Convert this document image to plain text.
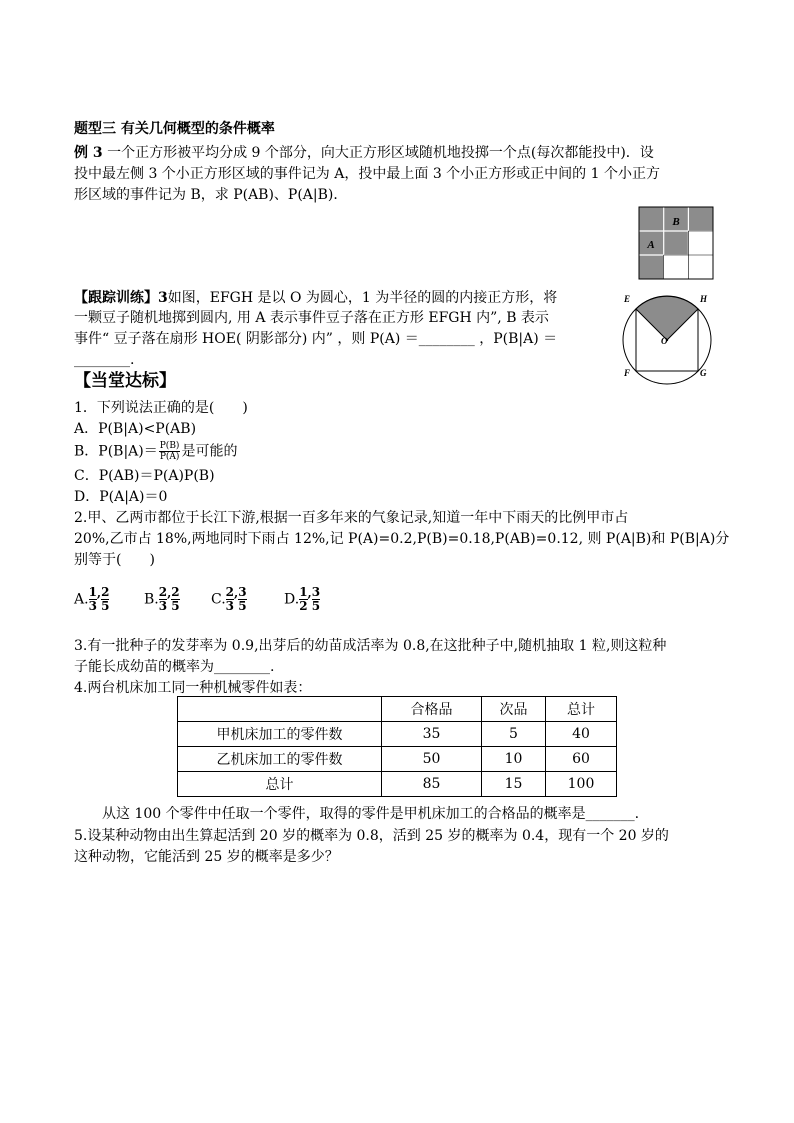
题型三 有关几何概型的条件概率
例 3 一个正方形被平均分成 9 个部分，向大正方形区域随机地投掷一个点(每次都能投中)．设
投中最左侧 3 个小正方形区域的事件记为 A，投中最上面 3 个小正方形或正中间的 1 个小正方
形区域的事件记为 B，求 P(AB)、P(A|B)．
B
A
【跟踪训练】3如图，EFGH 是以 O 为圆心，1 为半径的圆的内接正方形，将
一颗豆子随机地掷到圆内, 用 A 表示事件豆子落在正方形 EFGH 内”, B 表示
事件“ 豆子落在扇形 HOE( 阴影部分) 内” ，则 P(A) ＝________ ，P(B|A) ＝
________.
E	H
O
F	G
【当堂达标】
1．下列说法正确的是(　　)
A．P(B|A)<P(AB)
B．$P(B|A)= \frac{P(B)}{P(A)}$ 是可能的
C．P(AB)＝P(A)P(B)
D．P(A|A)＝0
2.甲、乙两市都位于长江下游,根据一百多年来的气象记录,知道一年中下雨天的比例甲市占
20%,乙市占 18%,两地同时下雨占 12%,记 P(A)=0.2,P(B)=0.18,P(AB)=0.12, 则 P(A|B)和 P(B|A)分
别等于(　　)
A. $\frac{1}{3}$ ,
$\frac{2}{5} B$. $\frac{2}{3}$ ,
$\frac{2}{5} C$. $\frac{2}{3}$ ,
$\frac{3}{5}$	D. $\frac{1}{2}$ ,
$\frac{3}{5}$
3.有一批种子的发芽率为 0.9,出芽后的幼苗成活率为 0.8,在这批种子中,随机抽取 1 粒,则这粒种
子能长成幼苗的概率为________.
4.两台机床加工同一种机械零件如表：
	合格品	次品	总计
甲机床加工的零件数	35	5	40
乙机床加工的零件数	50	10	60
总计	85	15	100
从这 100 个零件中任取一个零件，取得的零件是甲机床加工的合格品的概率是_______.
5.设某种动物由出生算起活到 20 岁的概率为 0.8，活到 25 岁的概率为 0.4，现有一个 20 岁的
这种动物，它能活到 25 岁的概率是多少？
